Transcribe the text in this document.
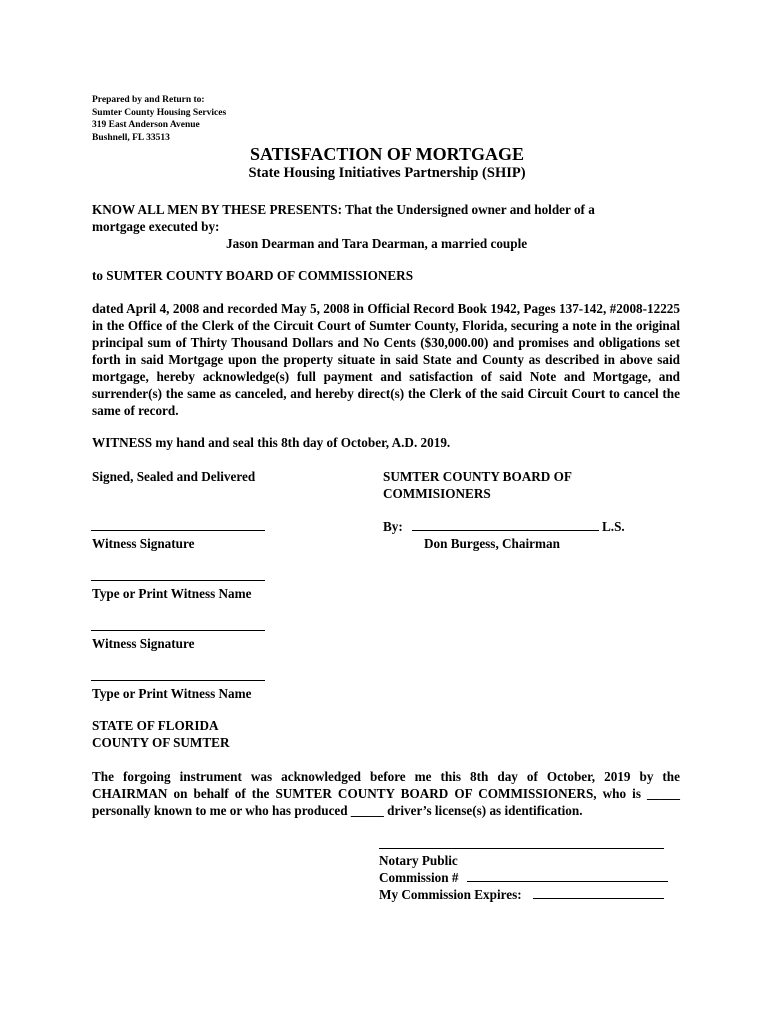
Prepared by and Return to:
Sumter County Housing Services
319 East Anderson Avenue
Bushnell, FL 33513
SATISFACTION OF MORTGAGE
State Housing Initiatives Partnership (SHIP)
KNOW ALL MEN BY THESE PRESENTS: That the Undersigned owner and holder of a
mortgage executed by:
Jason Dearman and Tara Dearman, a married couple
to SUMTER COUNTY BOARD OF COMMISSIONERS
dated April 4, 2008 and recorded May 5, 2008 in Official Record Book 1942, Pages 137-142, #2008-12225 in the Office of the Clerk of the Circuit Court of Sumter County, Florida, securing a note in the original principal sum of Thirty Thousand Dollars and No Cents ($30,000.00) and promises and obligations set forth in said Mortgage upon the property situate in said State and County as described in above said mortgage, hereby acknowledge(s) full payment and satisfaction of said Note and Mortgage, and surrender(s) the same as canceled, and hereby direct(s) the Clerk of the said Circuit Court to cancel the same of record.
WITNESS my hand and seal this 8th day of October, A.D. 2019.
Signed, Sealed and Delivered	SUMTER COUNTY BOARD OF
COMMISIONERS
By:	L.S.
Witness Signature	Don Burgess, Chairman
Type or Print Witness Name
Witness Signature
Type or Print Witness Name
STATE OF FLORIDA
COUNTY OF SUMTER
The forgoing instrument was acknowledged before me this 8th day of October, 2019 by the
CHAIRMAN on behalf of the SUMTER COUNTY BOARD OF COMMISSIONERS, who is _____
personally known to me or who has produced _____ driver’s license(s) as identification.
Notary Public
Commission #
My Commission Expires:
